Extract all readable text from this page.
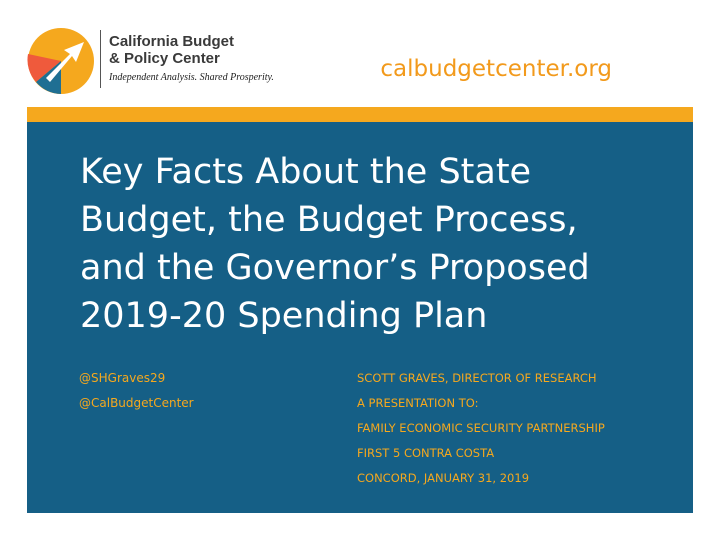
California Budget
& Policy Center
Independent Analysis. Shared Prosperity.	calbudgetcenter.org
Key Facts About the State
Budget, the Budget Process,
and the Governor’s Proposed
2019-20 Spending Plan
@SHGraves29
@CalBudgetCenter
SCOTT GRAVES, DIRECTOR OF RESEARCH
A PRESENTATION TO:
FAMILY ECONOMIC SECURITY PARTNERSHIP
FIRST 5 CONTRA COSTA
CONCORD, JANUARY 31, 2019
